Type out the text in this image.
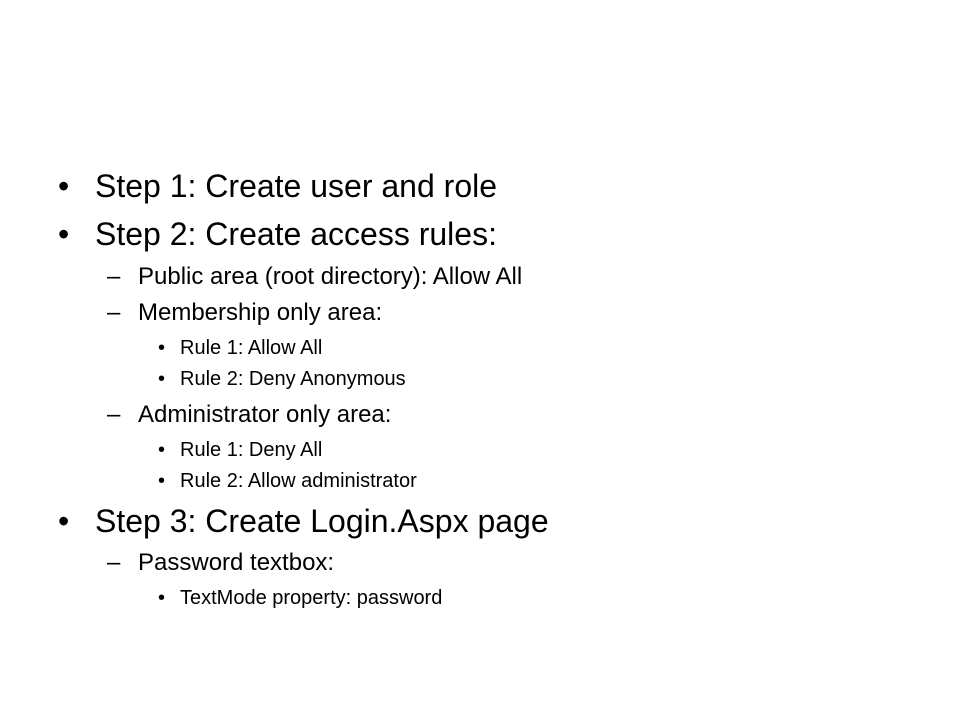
• Step 1: Create user and role
• Step 2: Create access rules:
– Public area (root directory): Allow All
– Membership only area:
• Rule 1: Allow All
• Rule 2: Deny Anonymous
– Administrator only area:
• Rule 1: Deny All
• Rule 2: Allow administrator
• Step 3: Create Login.Aspx page
– Password textbox:
• TextMode property: password
